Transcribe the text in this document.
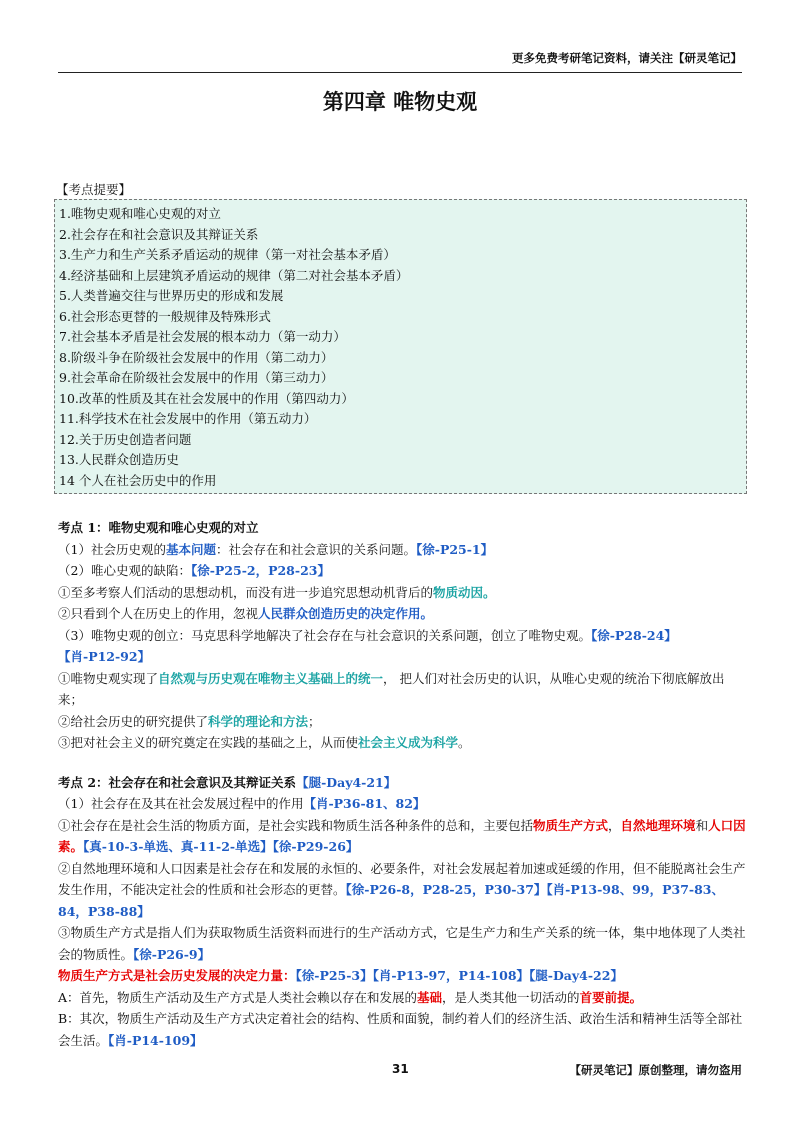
更多免费考研笔记资料，请关注【研灵笔记】
第四章 唯物史观
【考点提要】
1.唯物史观和唯心史观的对立
2.社会存在和社会意识及其辩证关系
3.生产力和生产关系矛盾运动的规律（第一对社会基本矛盾）
4.经济基础和上层建筑矛盾运动的规律（第二对社会基本矛盾）
5.人类普遍交往与世界历史的形成和发展
6.社会形态更替的一般规律及特殊形式
7.社会基本矛盾是社会发展的根本动力（第一动力）
8.阶级斗争在阶级社会发展中的作用（第二动力）
9.社会革命在阶级社会发展中的作用（第三动力）
10.改革的性质及其在社会发展中的作用（第四动力）
11.科学技术在社会发展中的作用（第五动力）
12.关于历史创造者问题
13.人民群众创造历史
14 个人在社会历史中的作用
考点 1：唯物史观和唯心史观的对立
（1）社会历史观的基本问题：社会存在和社会意识的关系问题。【徐-P25-1】
（2）唯心史观的缺陷：【徐-P25-2，P28-23】
①至多考察人们活动的思想动机，而没有进一步追究思想动机背后的物质动因。
②只看到个人在历史上的作用，忽视人民群众创造历史的决定作用。
（3）唯物史观的创立：马克思科学地解决了社会存在与社会意识的关系问题，创立了唯物史观。【徐-P28-24】
【肖-P12-92】
①唯物史观实现了自然观与历史观在唯物主义基础上的统一， 把人们对社会历史的认识，从唯心史观的统治下彻底解放出来；
②给社会历史的研究提供了科学的理论和方法；
③把对社会主义的研究奠定在实践的基础之上，从而使社会主义成为科学。
考点 2：社会存在和社会意识及其辩证关系【腿-Day4-21】
（1）社会存在及其在社会发展过程中的作用【肖-P36-81、82】
①社会存在是社会生活的物质方面，是社会实践和物质生活各种条件的总和，主要包括物质生产方式，自然地理环境和人口因素。【真-10-3-单选、真-11-2-单选】【徐-P29-26】
②自然地理环境和人口因素是社会存在和发展的永恒的、必要条件，对社会发展起着加速或延缓的作用，但不能脱离社会生产发生作用，不能决定社会的性质和社会形态的更替。【徐-P26-8，P28-25，P30-37】【肖-P13-98、99，P37-83、84，P38-88】
③物质生产方式是指人们为获取物质生活资料而进行的生产活动方式，它是生产力和生产关系的统一体，集中地体现了人类社会的物质性。【徐-P26-9】
物质生产方式是社会历史发展的决定力量：【徐-P25-3】【肖-P13-97，P14-108】【腿-Day4-22】
A：首先，物质生产活动及生产方式是人类社会赖以存在和发展的基础，是人类其他一切活动的首要前提。
B：其次，物质生产活动及生产方式决定着社会的结构、性质和面貌，制约着人们的经济生活、政治生活和精神生活等全部社会生活。【肖-P14-109】
31	【研灵笔记】原创整理，请勿盗用
